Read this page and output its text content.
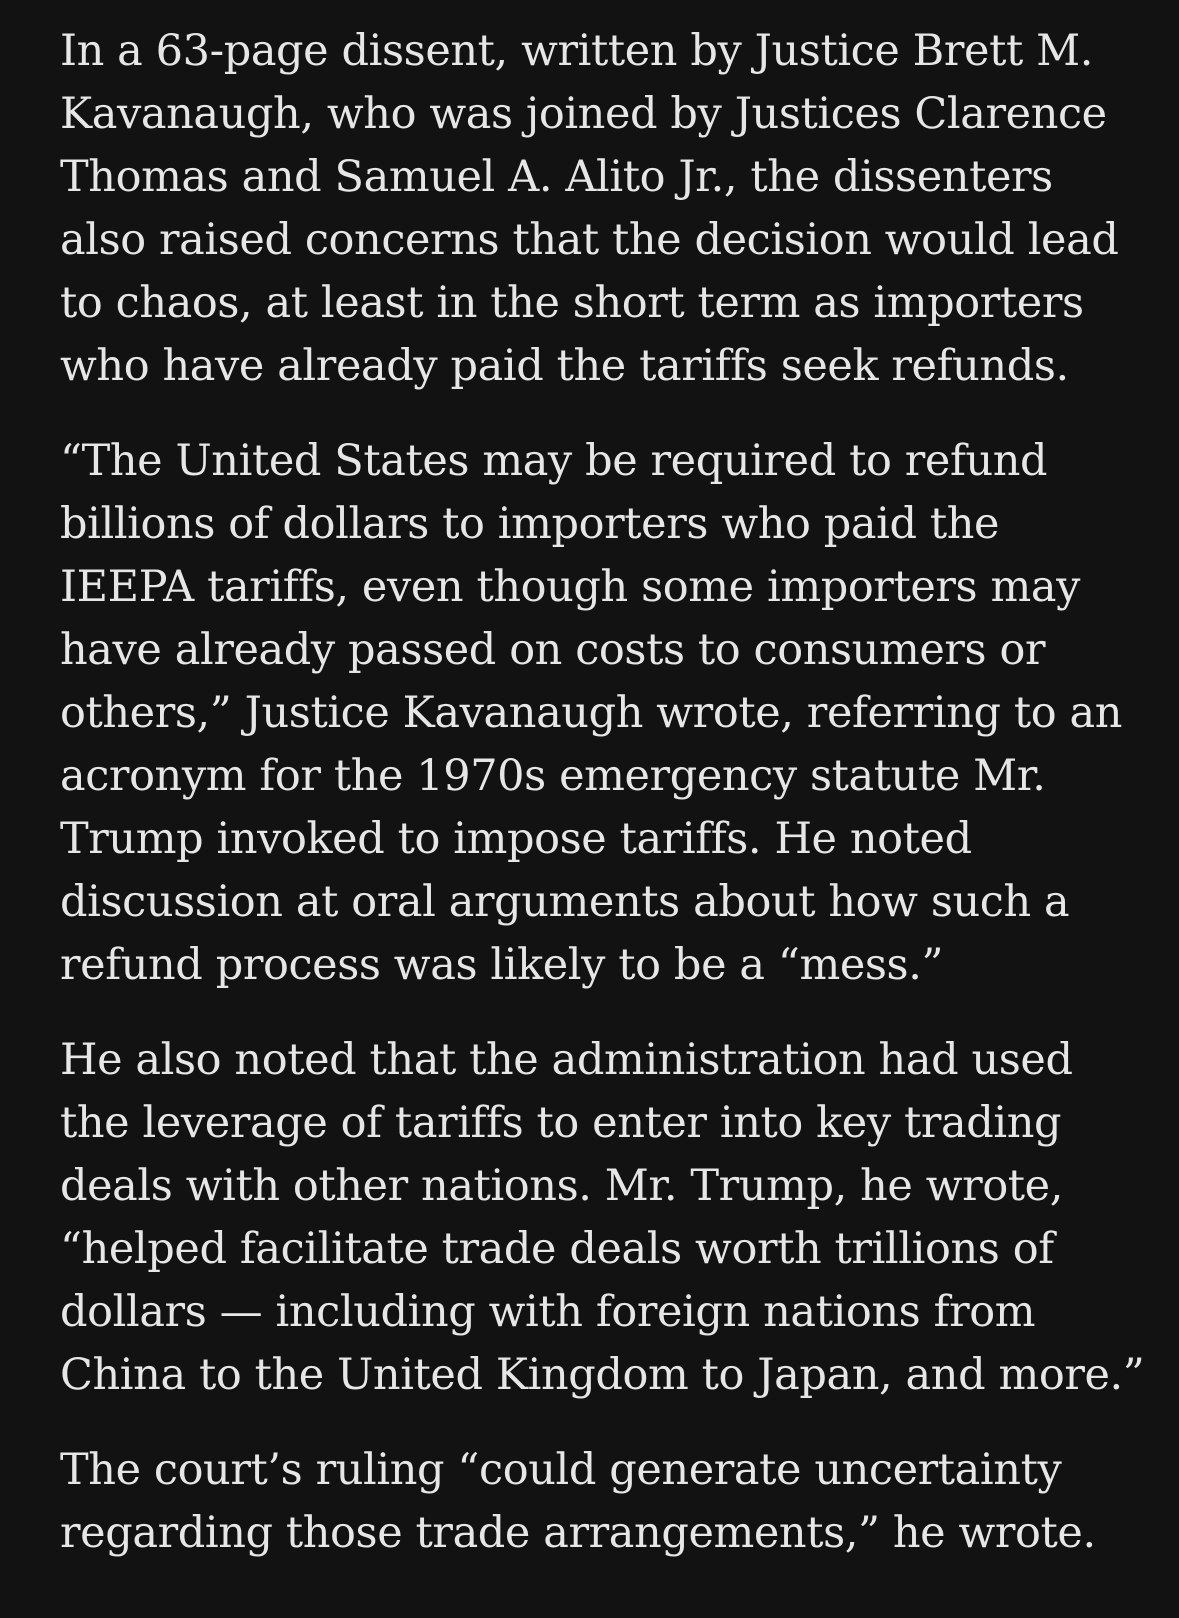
In a 63-page dissent, written by Justice Brett M.
Kavanaugh, who was joined by Justices Clarence
Thomas and Samuel A. Alito Jr., the dissenters
also raised concerns that the decision would lead
to chaos, at least in the short term as importers
who have already paid the tariffs seek refunds.

“The United States may be required to refund
billions of dollars to importers who paid the
IEEPA tariffs, even though some importers may
have already passed on costs to consumers or
others,” Justice Kavanaugh wrote, referring to an
acronym for the 1970s emergency statute Mr.
Trump invoked to impose tariffs. He noted
discussion at oral arguments about how such a
refund process was likely to be a “mess.”

He also noted that the administration had used
the leverage of tariffs to enter into key trading
deals with other nations. Mr. Trump, he wrote,
“helped facilitate trade deals worth trillions of
dollars — including with foreign nations from
China to the United Kingdom to Japan, and more.”

The court’s ruling “could generate uncertainty
regarding those trade arrangements,” he wrote.
